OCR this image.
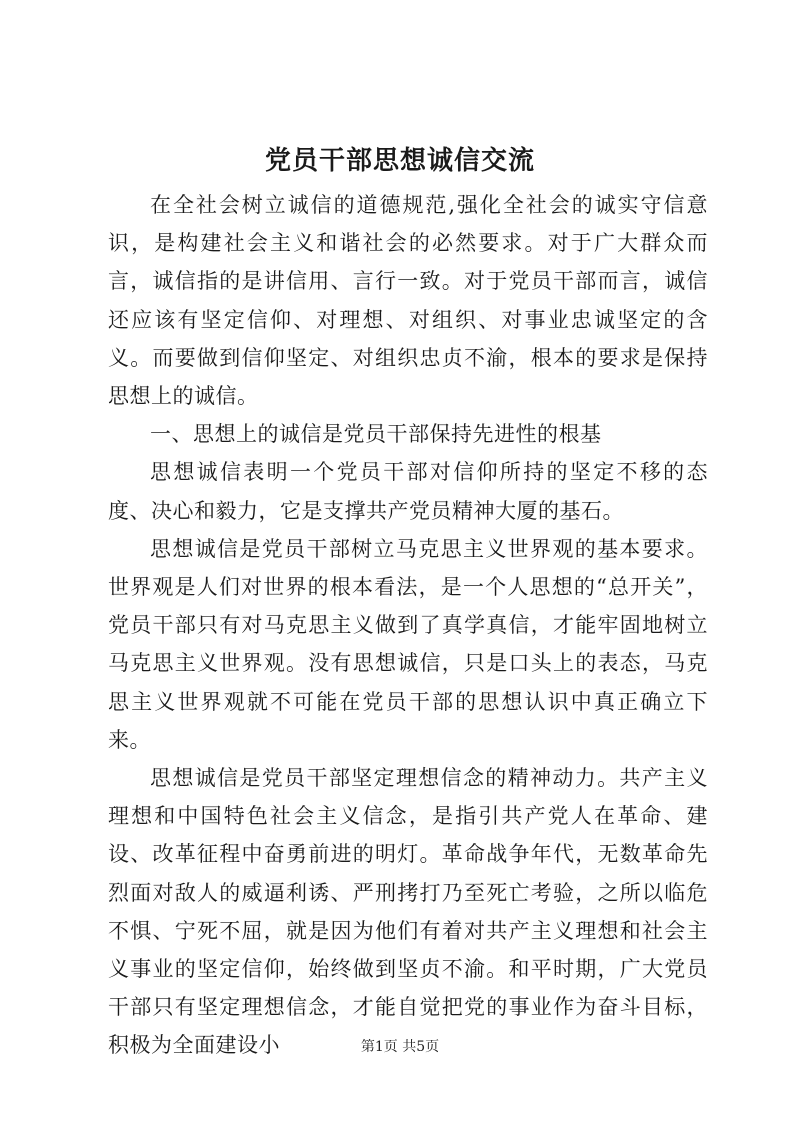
党员干部思想诚信交流

在全社会树立诚信的道德规范,强化全社会的诚实守信意识，是构建社会主义和谐社会的必然要求。对于广大群众而言，诚信指的是讲信用、言行一致。对于党员干部而言，诚信还应该有坚定信仰、对理想、对组织、对事业忠诚坚定的含义。而要做到信仰坚定、对组织忠贞不渝，根本的要求是保持思想上的诚信。

一、思想上的诚信是党员干部保持先进性的根基

思想诚信表明一个党员干部对信仰所持的坚定不移的态度、决心和毅力，它是支撑共产党员精神大厦的基石。

思想诚信是党员干部树立马克思主义世界观的基本要求。世界观是人们对世界的根本看法，是一个人思想的“总开关”，党员干部只有对马克思主义做到了真学真信，才能牢固地树立马克思主义世界观。没有思想诚信，只是口头上的表态，马克思主义世界观就不可能在党员干部的思想认识中真正确立下来。

思想诚信是党员干部坚定理想信念的精神动力。共产主义理想和中国特色社会主义信念，是指引共产党人在革命、建设、改革征程中奋勇前进的明灯。革命战争年代，无数革命先烈面对敌人的威逼利诱、严刑拷打乃至死亡考验，之所以临危不惧、宁死不屈，就是因为他们有着对共产主义理想和社会主义事业的坚定信仰，始终做到坚贞不渝。和平时期，广大党员干部只有坚定理想信念，才能自觉把党的事业作为奋斗目标，积极为全面建设小	第1页 共5页
